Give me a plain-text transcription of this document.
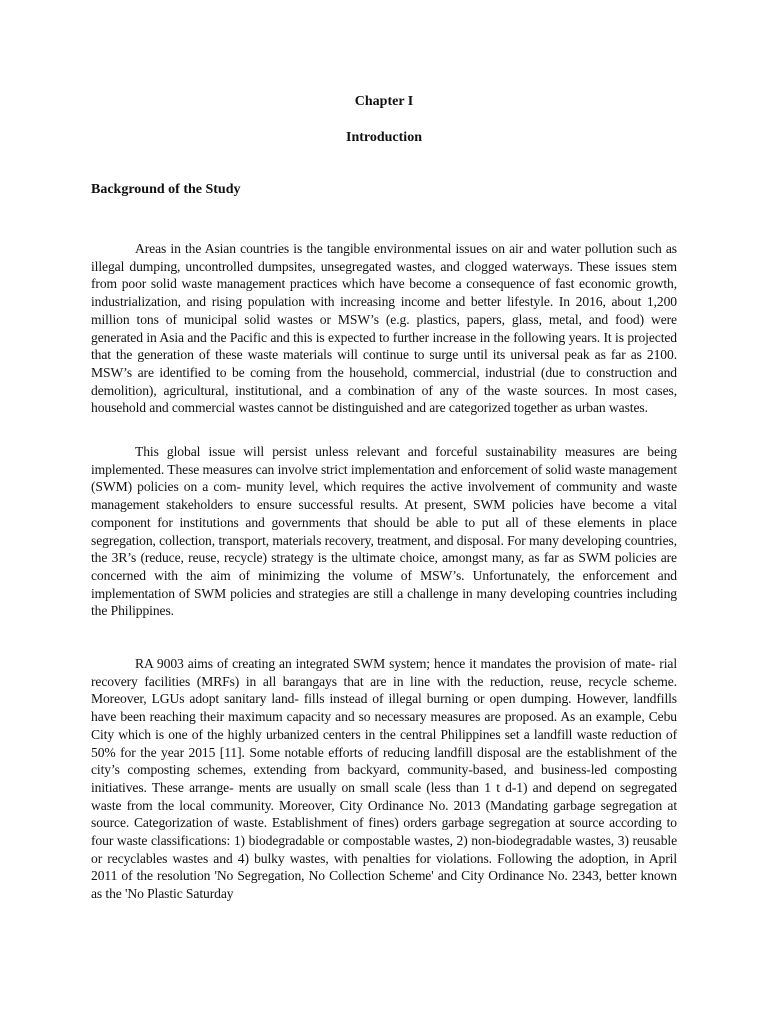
Chapter I
Introduction
Background of the Study
Areas in the Asian countries is the tangible environmental issues on air and water pollution such as illegal dumping, uncontrolled dumpsites, unsegregated wastes, and clogged waterways. These issues stem from poor solid waste management practices which have become a consequence of fast economic growth, industrialization, and rising population with increasing income and better lifestyle. In 2016, about 1,200 million tons of municipal solid wastes or MSW’s (e.g. plastics, papers, glass, metal, and food) were generated in Asia and the Pacific and this is expected to further increase in the following years. It is projected that the generation of these waste materials will continue to surge until its universal peak as far as 2100. MSW’s are identified to be coming from the household, commercial, industrial (due to construction and demolition), agricultural, institutional, and a combination of any of the waste sources. In most cases, household and commercial wastes cannot be distinguished and are categorized together as urban wastes.
This global issue will persist unless relevant and forceful sustainability measures are being implemented. These measures can involve strict implementation and enforcement of solid waste management (SWM) policies on a com- munity level, which requires the active involvement of community and waste management stakeholders to ensure successful results. At present, SWM policies have become a vital component for institutions and governments that should be able to put all of these elements in place segregation, collection, transport, materials recovery, treatment, and disposal. For many developing countries, the 3R’s (reduce, reuse, recycle) strategy is the ultimate choice, amongst many, as far as SWM policies are concerned with the aim of minimizing the volume of MSW’s. Unfortunately, the enforcement and implementation of SWM policies and strategies are still a challenge in many developing countries including the Philippines.
RA 9003 aims of creating an integrated SWM system; hence it mandates the provision of mate- rial recovery facilities (MRFs) in all barangays that are in line with the reduction, reuse, recycle scheme. Moreover, LGUs adopt sanitary land- fills instead of illegal burning or open dumping. However, landfills have been reaching their maximum capacity and so necessary measures are proposed. As an example, Cebu City which is one of the highly urbanized centers in the central Philippines set a landfill waste reduction of 50% for the year 2015 [11]. Some notable efforts of reducing landfill disposal are the establishment of the city’s composting schemes, extending from backyard, community-based, and business-led composting initiatives. These arrange- ments are usually on small scale (less than 1 t d-1) and depend on segregated waste from the local community. Moreover, City Ordinance No. 2013 (Mandating garbage segregation at source. Categorization of waste. Establishment of fines) orders garbage segregation at source according to four waste classifications: 1) biodegradable or compostable wastes, 2) non-biodegradable wastes, 3) reusable or recyclables wastes and 4) bulky wastes, with penalties for violations. Following the adoption, in April 2011 of the resolution 'No Segregation, No Collection Scheme' and City Ordinance No. 2343, better known as the 'No Plastic Saturday
